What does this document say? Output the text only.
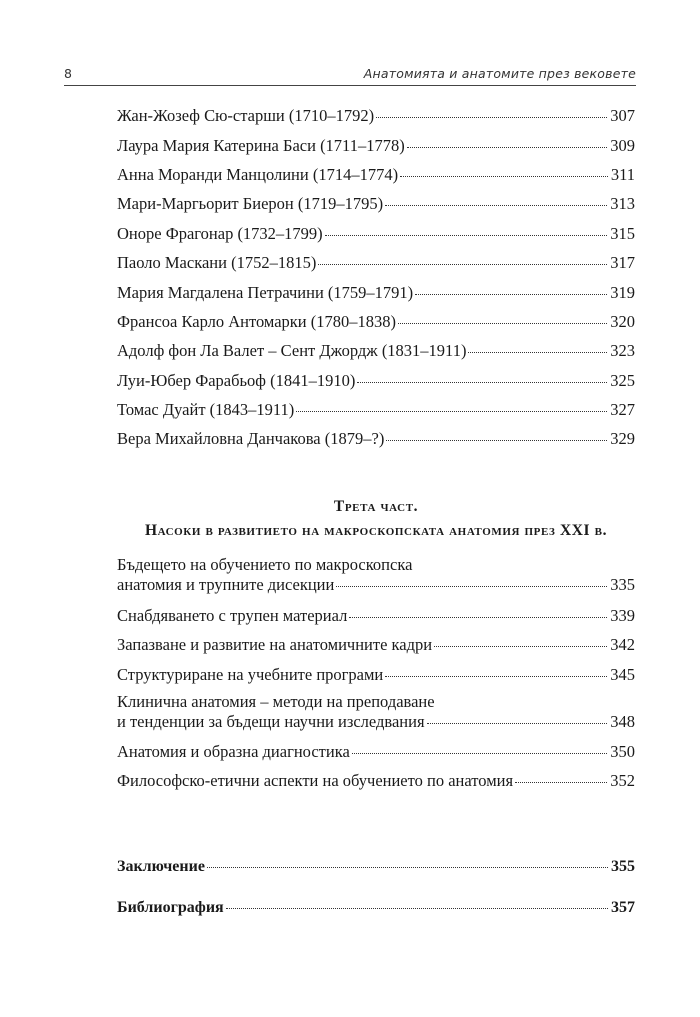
8	Анатомията и анатомите през вековете
Жан-Жозеф Сю-старши (1710–1792)	307
Лаура Мария Катерина Баси (1711–1778)	309
Анна Моранди Манцолини (1714–1774)	311
Мари-Маргьорит Биерон (1719–1795)	313
Оноре Фрагонар (1732–1799)	315
Паоло Маскани (1752–1815)	317
Мария Магдалена Петрачини (1759–1791)	319
Франсоа Карло Антомарки (1780–1838)	320
Адолф фон Ла Валет – Сент Джордж (1831–1911)	323
Луи-Юбер Фарабьоф (1841–1910)	325
Томас Дуайт (1843–1911)	327
Вера Михайловна Данчакова (1879–?)	329
Трета част.
Насоки в развитието на макроскопската анатомия през XXI в.
Бъдещето на обучението по макроскопска
анатомия и трупните дисекции	335
Снабдяването с трупен материал	339
Запазване и развитие на анатомичните кадри	342
Структуриране на учебните програми	345
Клинична анатомия – методи на преподаване
и тенденции за бъдещи научни изследвания	348
Анатомия и образна диагностика	350
Философско-етични аспекти на обучението по анатомия	352
Заключение	355
Библиография	357
